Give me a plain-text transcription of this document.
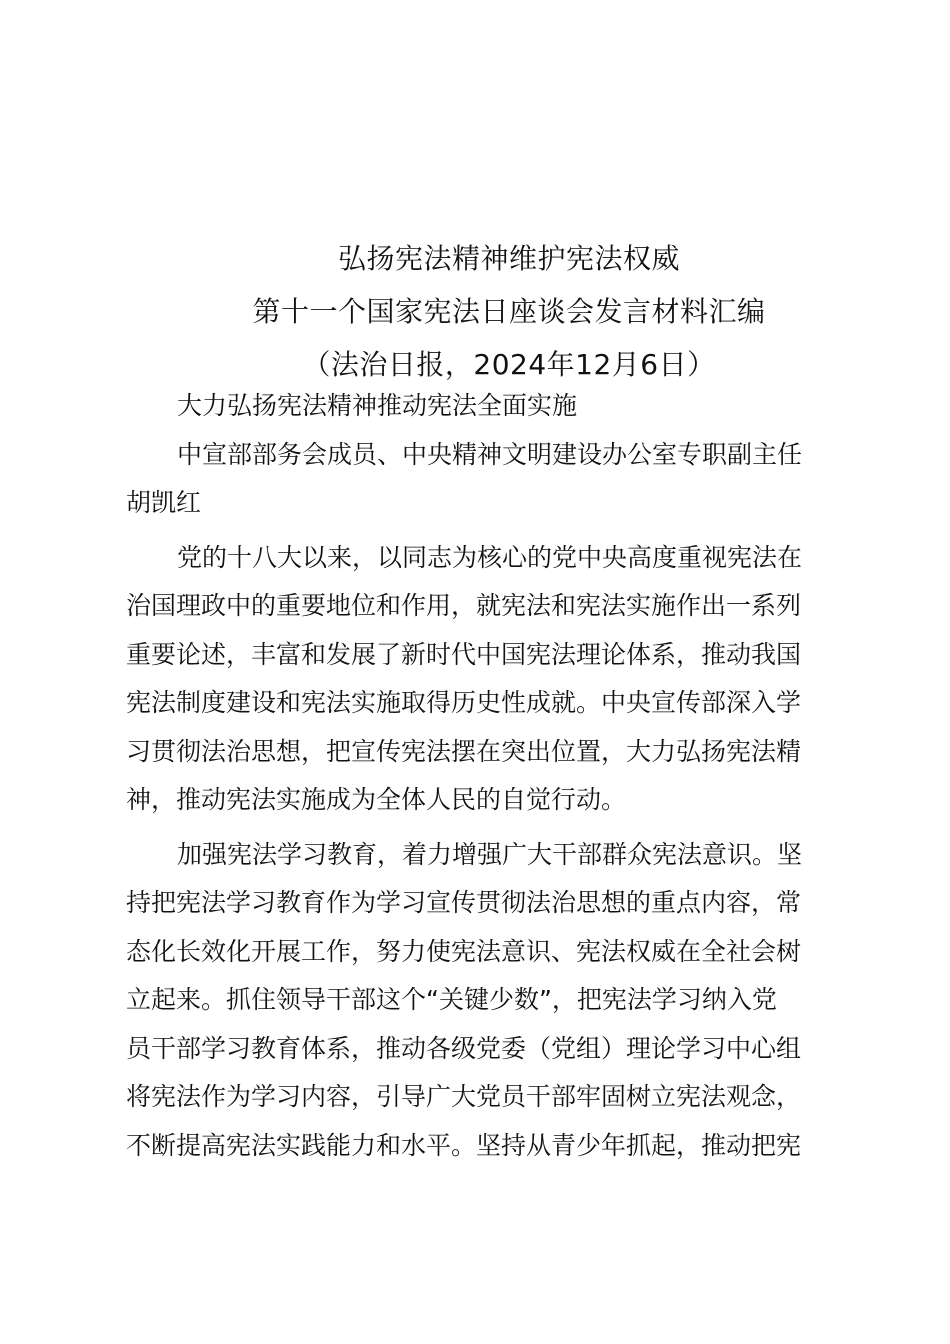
弘扬宪法精神维护宪法权威
第十一个国家宪法日座谈会发言材料汇编
（法治日报，2024年12月6日）
大力弘扬宪法精神推动宪法全面实施
中宣部部务会成员、中央精神文明建设办公室专职副主任
胡凯红
党的十八大以来，以同志为核心的党中央高度重视宪法在
治国理政中的重要地位和作用，就宪法和宪法实施作出一系列
重要论述，丰富和发展了新时代中国宪法理论体系，推动我国
宪法制度建设和宪法实施取得历史性成就。中央宣传部深入学
习贯彻法治思想，把宣传宪法摆在突出位置，大力弘扬宪法精
神，推动宪法实施成为全体人民的自觉行动。
加强宪法学习教育，着力增强广大干部群众宪法意识。坚
持把宪法学习教育作为学习宣传贯彻法治思想的重点内容，常
态化长效化开展工作，努力使宪法意识、宪法权威在全社会树
立起来。抓住领导干部这个“关键少数”，把宪法学习纳入党
员干部学习教育体系，推动各级党委（党组）理论学习中心组
将宪法作为学习内容，引导广大党员干部牢固树立宪法观念，
不断提高宪法实践能力和水平。坚持从青少年抓起，推动把宪
